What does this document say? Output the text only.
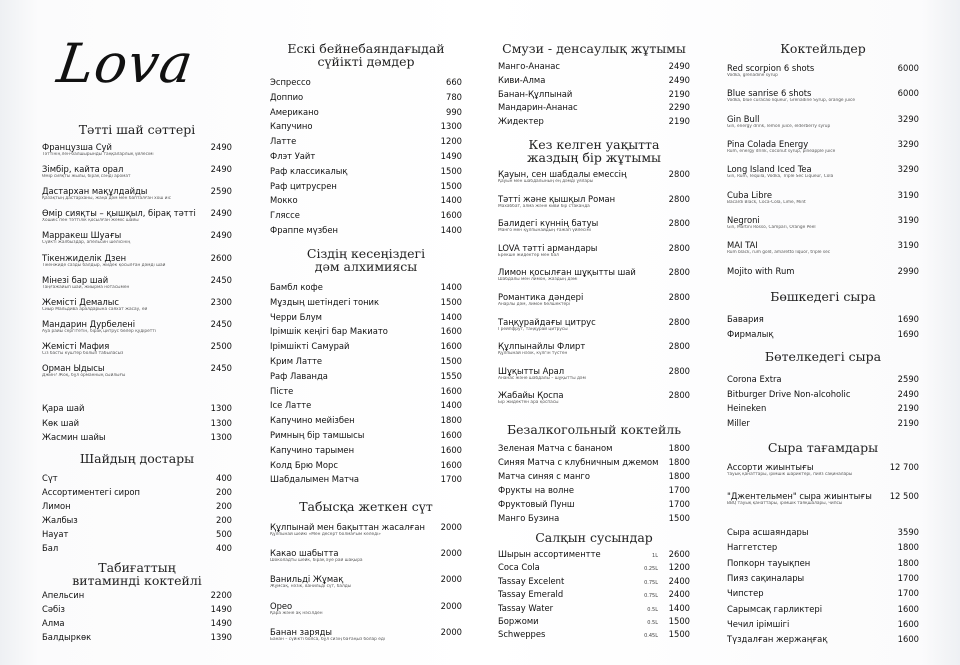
Lova
Тәтті шай сәттері
Французша Суй	2490
Тәттінің лен-балшырынды таңқаларлық үйлесімі
Зімбір, кайта орал	2490
Өмір сияқты жылы, бірақ сәнді аромат
Дастархан мақұлдайды	2590
Қазақтың дастарханы, жаңа дәм мен бапталған хош иіс
Өмір сияқты – қышқыл, бірақ тәтті	2490
Хошиіс пен тәттілік қосылған жеміс шайы
Марракеш Шуағы	2490
Сүйкті жалбыздар, апельсин шелісінің
Тікенжиделік Дзен	2600
Тікенжиде сазды балдыр, жидек қосылған дәмді шай
Мінезі бар шай	2450
Таңғажайып шай, жиырма нотасымен
Жемісті Демалыс	2300
Сиыр Мальдива аралдарына саяхат жасау, ей
Мандарин Дурбелені	2450
Ауа райы сергітетін, бірақ цитрус бөлер қудіретті
Жемісті Мафия	2500
Сіз басты күштер болып табыласыз
Орман Ыдысы	2450
Джин? Жоқ, бұл орманның сыйлығы
Қара шай	1300
Көк шай	1300
Жасмин шайы	1300
Шайдың достары
Сүт	400
Ассортиментегі сироп	200
Лимон	200
Жалбыз	200
Науат	500
Бал	400
Табиғаттың
витаминді коктейлі
Апельсин	2200
Сәбіз	1490
Алма	1490
Балдыркөк	1390
Ескі бейнебаяндағыдай
сүйікті дәмдер
Эспрессо	660
Доппио	780
Американо	990
Капучино	1300
Латте	1200
Флэт Уайт	1490
Раф классикалық	1500
Раф цитрусрен	1500
Мокко	1400
Гляссе	1600
Фраппе мүзбен	1400
Сіздің кесеңіздегі
дәм алхимиясы
Бамбл кофе	1400
Мұздың шетіндегі тоник	1500
Черри Блум	1400
Ірімшік кеңігі бар Макиато	1600
Ірімшікті Самурай	1600
Крим Латте	1500
Раф Лаванда	1550
Пісте	1600
Ice Латте	1400
Капучино мейізбен	1800
Римның бір тамшысы	1600
Капучино тарымен	1600
Колд Брю Морс	1600
Шабдалымен Матча	1700
Табысқа жеткен сүт
Құлпынай мен бақыттан жасалған	2000
Құлпынай шейкі «Мен десерт болмағым келеді»
Какао шабытта	2000
Шоколадты шейк, бірақ әуе рай шақыра
Ванильді Жұмақ	2000
Жұмсақ, нәзік, ванильді сүт, балды
Орео	2000
Қара және ақ нәсілден
Банан заряды	2000
Банан – сүйікті болса, бұл сизің бағаңыз болар еді
Смузи - денсаулық жұтымы
Манго-Ананас	2490
Киви-Алма	2490
Банан-Құлпынай	2190
Мандарин-Ананас	2290
Жидектер	2190
Кез келген уақытта
жаздың бір жұтымы
Қауын, сен шабдалы емессің	2800
Қауын мен шабдалының ең дәмді ұялары
Тәтті және қышқыл Роман	2800
Махаббат, алма және киви бір стаканда
Балидегі күннің батуы	2800
Манго мен құлпынайдың ғажап үйлесімі
LOVA тәтті армандары	2800
Ерекше жидектер мен бал
Лимон қосылған шұқытты шай	2800
Шабдалы мен лимон, жаздың дәмі
Романтика дәндері	2800
Анарлы дәм, лимон бөлшектері
Таңқурайдағы цитрус	2800
Грейпфрут, таңқурай цитрусы
Құлпынайлы Флирт	2800
Құлпынай нәзік, күлгін түстен
Шұқытты Арал	2800
Ананас және шабдалы – шұқытты дәм
Жабайы Қоспа	2800
Бір жидектен ара қоспасы
Безалкогольный коктейль
Зеленая Матча с бананом	1800
Синяя Матча с клубничным джемом	1800
Матча синяя с манго	1800
Фрукты на волне	1700
Фруктовый Пунш	1700
Манго Бузина	1500
Салқын сусындар
Шырын ассортиментте	1L	2600
Coca Cola	0.25L	1200
Tassay Excelent	0.75L	2400
Tassay Emerald	0.75L	2400
Tassay Water	0.5L	1400
Боржоми	0.5L	1500
Schweppes	0.45L	1500
Коктейльдер
Red scorpion 6 shots	6000
Vodka, grenadine syrup
Blue sanrise 6 shots	6000
Vodka, blue curacao liqueur, Grenadine Syrup, orange juice
Gin Bull	3290
Gin, energy drink, lemon juice, elderberry syrup
Pina Colada Energy	3290
Rum, energy drink, coconut syrup, pineapple juice
Long Island Iced Tea	3290
Gin, Rum, Tequila, Vodka, Triple Sec Liqueur, Cola
Cuba Libre	3190
Bacardi Black, Coca-Cola, Lime, Mint
Negroni	3190
Gin, Martini Rosso, Campari, Orange Peel
MAI TAI	3190
Rum black, rum gold, amaretto liquor, triple sec
Mojito with Rum	2990
Бөшкедегі сыра
Бавария	1690
Фирмалық	1690
Бөтелкедегі сыра
Corona Extra	2590
Bitburger Drive Non-alcoholic	2490
Heineken	2190
Miller	2190
Сыра тағамдары
Ассорти жиынтығы	12 700
тауық қанаттары, ірімшік шариктері, пияз сақиналары
"Джентельмен" сыра жиынтығы 12 500
BBQ тауық қанаттары, ірімшік таяқшалары, чипсы
Сыра асшаяндары	3590
Наггетстер	1800
Попкорн тауықпен	1800
Пияз сақиналары	1700
Чипстер	1700
Сарымсақ гарликтері	1600
Чечил ірімшігі	1600
Түздалған жержаңғақ	1600
